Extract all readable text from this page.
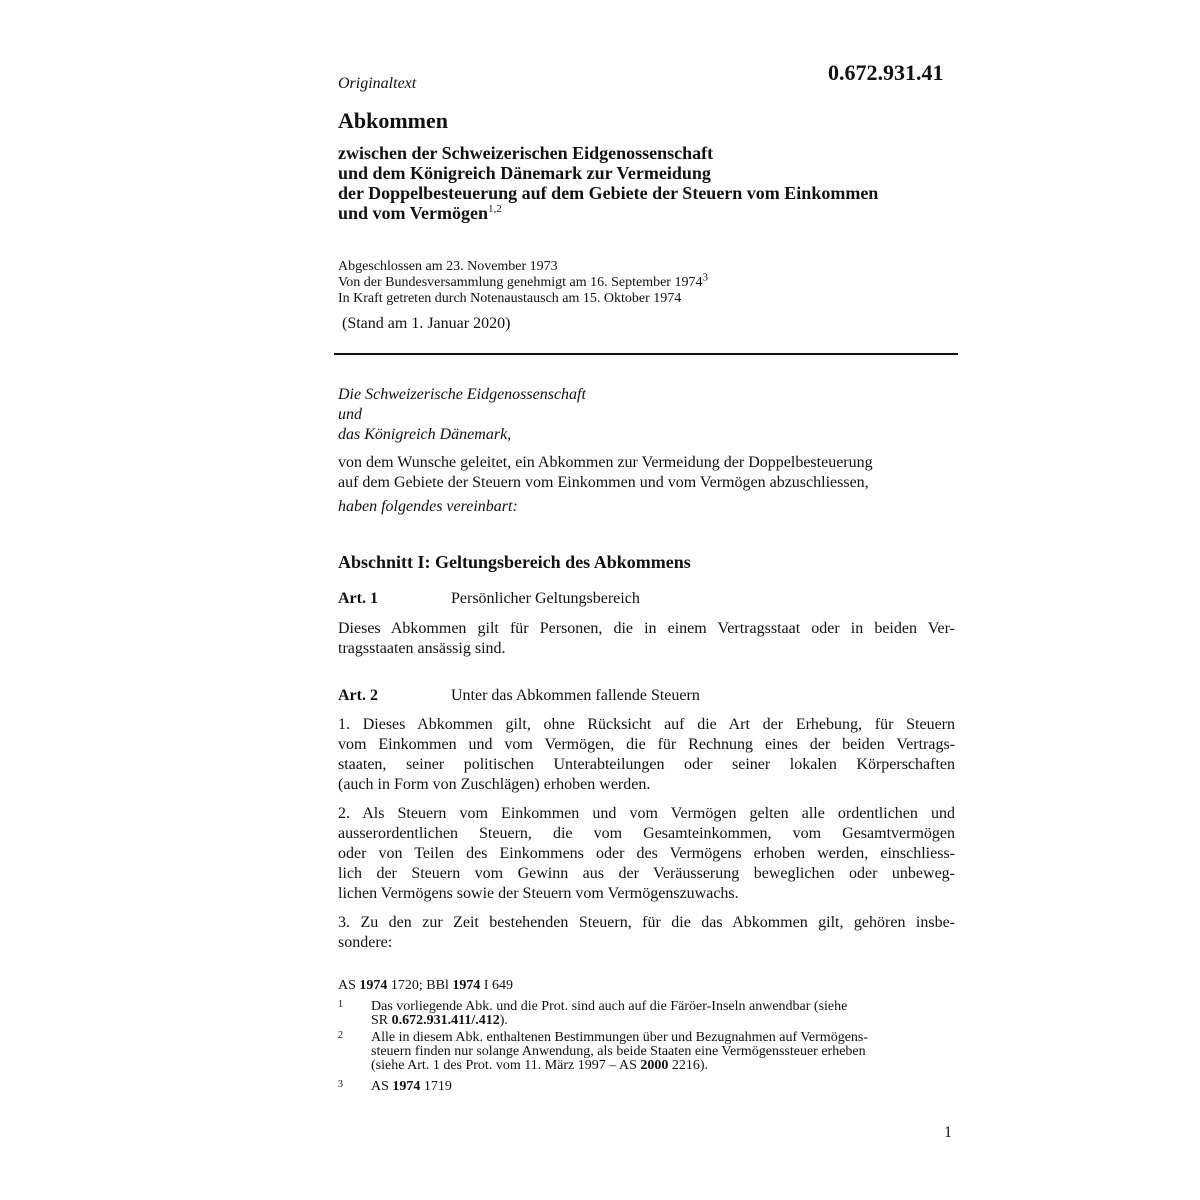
0.672.931.41
Originaltext
Abkommen
zwischen der Schweizerischen Eidgenossenschaft
und dem Königreich Dänemark zur Vermeidung
der Doppelbesteuerung auf dem Gebiete der Steuern vom Einkommen
und vom Vermögen$^{1,2}$
Abgeschlossen am 23. November 1973
Von der Bundesversammlung genehmigt am 16. September 1974$^3$
In Kraft getreten durch Notenaustausch am 15. Oktober 1974
(Stand am 1. Januar 2020)
Die Schweizerische Eidgenossenschaft
und
das Königreich Dänemark,
von dem Wunsche geleitet, ein Abkommen zur Vermeidung der Doppelbesteuerung
auf dem Gebiete der Steuern vom Einkommen und vom Vermögen abzuschliessen,
haben folgendes vereinbart:
Abschnitt I: Geltungsbereich des Abkommens
Art. 1	Persönlicher Geltungsbereich
Dieses Abkommen gilt für Personen, die in einem Vertragsstaat oder in beiden Ver-
tragsstaaten ansässig sind.
Art. 2	Unter das Abkommen fallende Steuern
1. Dieses Abkommen gilt, ohne Rücksicht auf die Art der Erhebung, für Steuern
vom Einkommen und vom Vermögen, die für Rechnung eines der beiden Vertrags-
staaten, seiner politischen Unterabteilungen oder seiner lokalen Körperschaften
(auch in Form von Zuschlägen) erhoben werden.
2. Als Steuern vom Einkommen und vom Vermögen gelten alle ordentlichen und
ausserordentlichen Steuern, die vom Gesamteinkommen, vom Gesamtvermögen
oder von Teilen des Einkommens oder des Vermögens erhoben werden, einschliess-
lich der Steuern vom Gewinn aus der Veräusserung beweglichen oder unbeweg-
lichen Vermögens sowie der Steuern vom Vermögenszuwachs.
3. Zu den zur Zeit bestehenden Steuern, für die das Abkommen gilt, gehören insbe-
sondere:
AS 1974 1720; BBl 1974 I 649
1 Das vorliegende Abk. und die Prot. sind auch auf die Färöer-Inseln anwendbar (siehe
SR 0.672.931.411/.412).
2 Alle in diesem Abk. enthaltenen Bestimmungen über und Bezugnahmen auf Vermögens-
steuern finden nur solange Anwendung, als beide Staaten eine Vermögenssteuer erheben
(siehe Art. 1 des Prot. vom 11. März 1997 – AS 2000 2216).
3 AS 1974 1719
1
